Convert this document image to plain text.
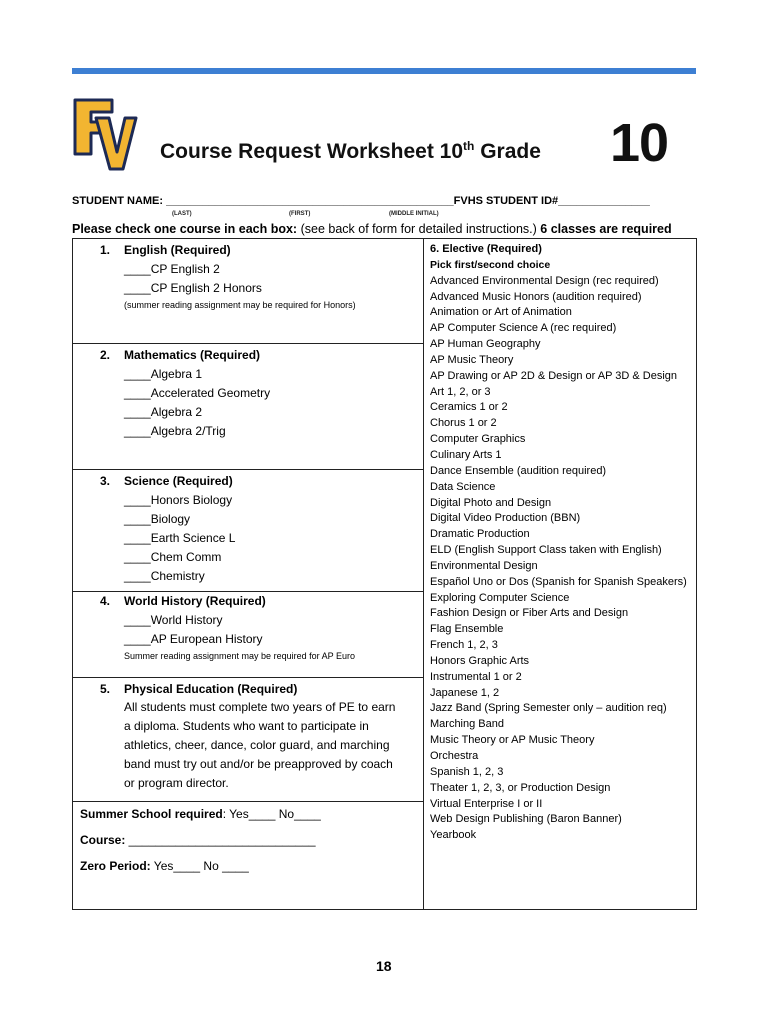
Course Request Worksheet 10th Grade 10
STUDENT NAME: _______________________________________________FVHS STUDENT ID#_______________
(LAST)	(FIRST)	(MIDDLE INITIAL)
Please check one course in each box: (see back of form for detailed instructions.) 6 classes are required
1. English (Required)
____CP English 2
____CP English 2 Honors
(summer reading assignment may be required for Honors)
2. Mathematics (Required)
____Algebra 1
____Accelerated Geometry
____Algebra 2
____Algebra 2/Trig
3. Science (Required)
____Honors Biology
____Biology
____Earth Science L
____Chem Comm
____Chemistry
4. World History (Required)
____World History
____AP European History
Summer reading assignment may be required for AP Euro
5. Physical Education (Required)
All students must complete two years of PE to earn
a diploma. Students who want to participate in
athletics, cheer, dance, color guard, and marching
band must try out and/or be preapproved by coach
or program director.
Summer School required: Yes____ No____
Course: ____________________________
Zero Period: Yes____ No ____
6. Elective (Required)
Pick first/second choice
Advanced Environmental Design (rec required)
Advanced Music Honors (audition required)
Animation or Art of Animation
AP Computer Science A (rec required)
AP Human Geography
AP Music Theory
AP Drawing or AP 2D & Design or AP 3D & Design
Art 1, 2, or 3
Ceramics 1 or 2
Chorus 1 or 2
Computer Graphics
Culinary Arts 1
Dance Ensemble (audition required)
Data Science
Digital Photo and Design
Digital Video Production (BBN)
Dramatic Production
ELD (English Support Class taken with English)
Environmental Design
Español Uno or Dos (Spanish for Spanish Speakers)
Exploring Computer Science
Fashion Design or Fiber Arts and Design
Flag Ensemble
French 1, 2, 3
Honors Graphic Arts
Instrumental 1 or 2
Japanese 1, 2
Jazz Band (Spring Semester only – audition req)
Marching Band
Music Theory or AP Music Theory
Orchestra
Spanish 1, 2, 3
Theater 1, 2, 3, or Production Design
Virtual Enterprise I or II
Web Design Publishing (Baron Banner)
Yearbook
18
